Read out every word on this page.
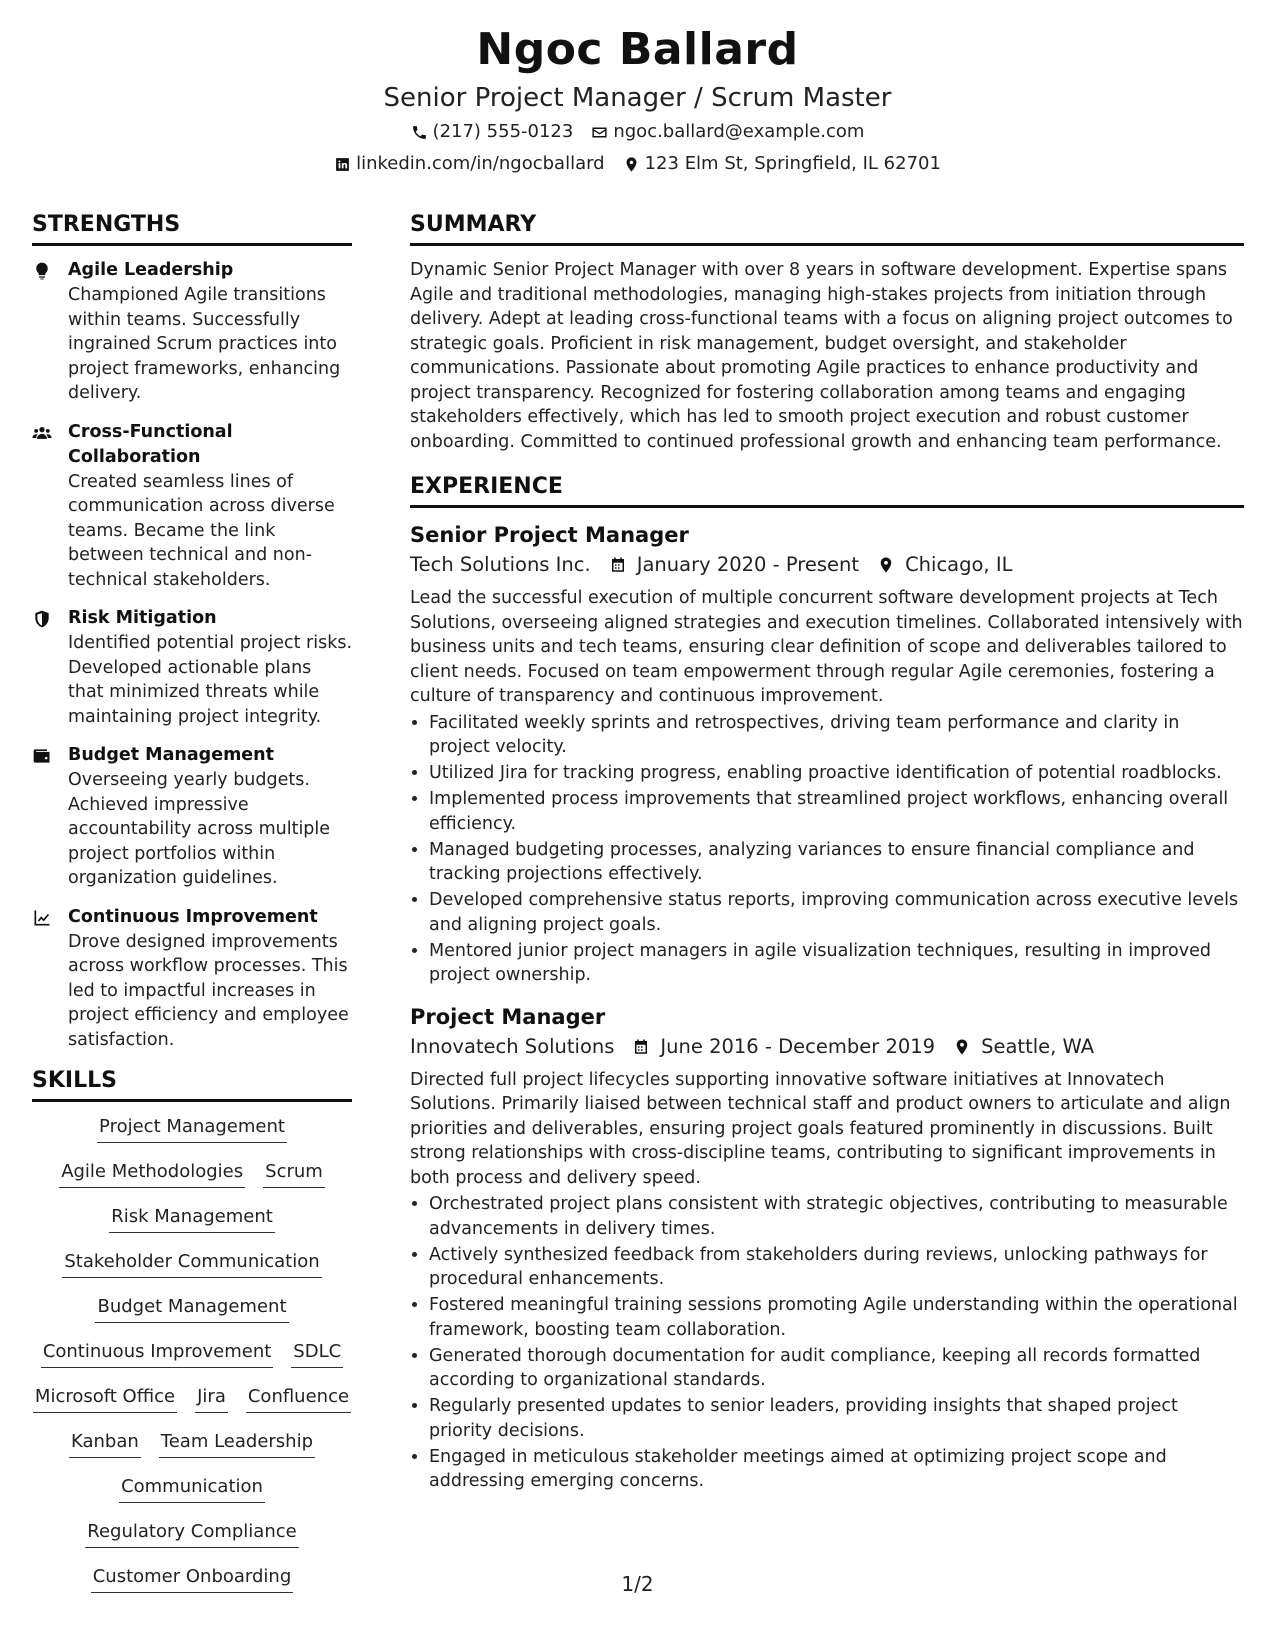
Ngoc Ballard
Senior Project Manager / Scrum Master
(217) 555-0123 ngoc.ballard@example.com
linkedin.com/in/ngocballard 123 Elm St, Springfield, IL 62701
STRENGTHS
Agile Leadership
Championed Agile transitions within teams. Successfully ingrained Scrum practices into project frameworks, enhancing delivery.
Cross-Functional Collaboration
Created seamless lines of communication across diverse teams. Became the link between technical and non-technical stakeholders.
Risk Mitigation
Identified potential project risks. Developed actionable plans that minimized threats while maintaining project integrity.
Budget Management
Overseeing yearly budgets. Achieved impressive accountability across multiple project portfolios within organization guidelines.
Continuous Improvement
Drove designed improvements across workflow processes. This led to impactful increases in project efficiency and employee satisfaction.
SKILLS
Project Management
Agile Methodologies Scrum
Risk Management
Stakeholder Communication
Budget Management
Continuous Improvement SDLC
Microsoft Office Jira Confluence
Kanban Team Leadership
Communication
Regulatory Compliance
Customer Onboarding
SUMMARY
Dynamic Senior Project Manager with over 8 years in software development. Expertise spans Agile and traditional methodologies, managing high-stakes projects from initiation through delivery. Adept at leading cross-functional teams with a focus on aligning project outcomes to strategic goals. Proficient in risk management, budget oversight, and stakeholder communications. Passionate about promoting Agile practices to enhance productivity and project transparency. Recognized for fostering collaboration among teams and engaging stakeholders effectively, which has led to smooth project execution and robust customer onboarding. Committed to continued professional growth and enhancing team performance.
EXPERIENCE
Senior Project Manager
Tech Solutions Inc. January 2020 - Present Chicago, IL
Lead the successful execution of multiple concurrent software development projects at Tech Solutions, overseeing aligned strategies and execution timelines. Collaborated intensively with business units and tech teams, ensuring clear definition of scope and deliverables tailored to client needs. Focused on team empowerment through regular Agile ceremonies, fostering a culture of transparency and continuous improvement.
• Facilitated weekly sprints and retrospectives, driving team performance and clarity in project velocity.
• Utilized Jira for tracking progress, enabling proactive identification of potential roadblocks.
• Implemented process improvements that streamlined project workflows, enhancing overall efficiency.
• Managed budgeting processes, analyzing variances to ensure financial compliance and tracking projections effectively.
• Developed comprehensive status reports, improving communication across executive levels and aligning project goals.
• Mentored junior project managers in agile visualization techniques, resulting in improved project ownership.
Project Manager
Innovatech Solutions June 2016 - December 2019 Seattle, WA
Directed full project lifecycles supporting innovative software initiatives at Innovatech Solutions. Primarily liaised between technical staff and product owners to articulate and align priorities and deliverables, ensuring project goals featured prominently in discussions. Built strong relationships with cross-discipline teams, contributing to significant improvements in both process and delivery speed.
• Orchestrated project plans consistent with strategic objectives, contributing to measurable advancements in delivery times.
• Actively synthesized feedback from stakeholders during reviews, unlocking pathways for procedural enhancements.
• Fostered meaningful training sessions promoting Agile understanding within the operational framework, boosting team collaboration.
• Generated thorough documentation for audit compliance, keeping all records formatted according to organizational standards.
• Regularly presented updates to senior leaders, providing insights that shaped project priority decisions.
• Engaged in meticulous stakeholder meetings aimed at optimizing project scope and addressing emerging concerns.
1/2
